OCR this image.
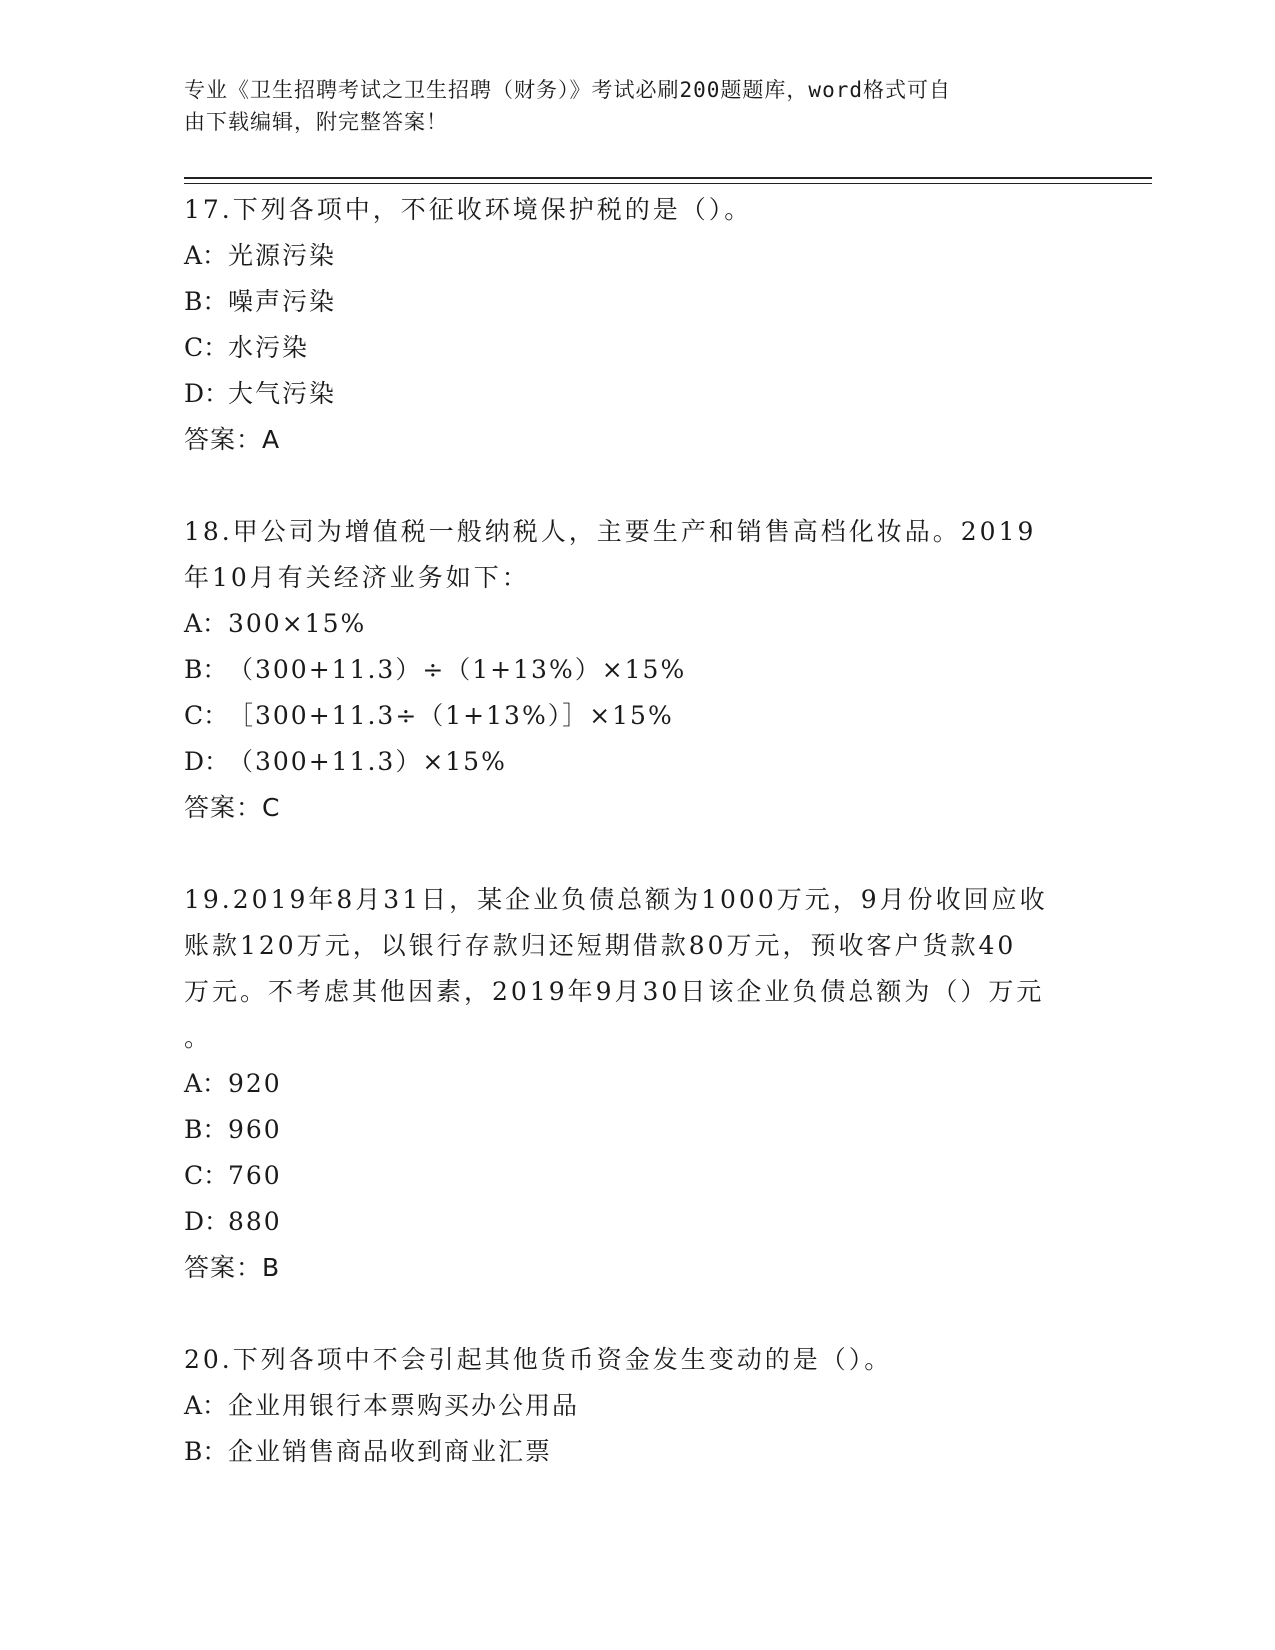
专业《卫生招聘考试之卫生招聘（财务）》考试必刷200题题库，word格式可自
由下载编辑，附完整答案！
17.下列各项中，不征收环境保护税的是（）。
A：光源污染
B：噪声污染
C：水污染
D：大气污染
答案：A
18.甲公司为增值税一般纳税人，主要生产和销售高档化妆品。2019
年10月有关经济业务如下：
A：300×15%
B：（300+11.3）÷（1+13%）×15%
C：［300+11.3÷（1+13%）］×15%
D：（300+11.3）×15%
答案：C
19.2019年8月31日，某企业负债总额为1000万元，9月份收回应收
账款120万元，以银行存款归还短期借款80万元，预收客户货款40
万元。不考虑其他因素，2019年9月30日该企业负债总额为（）万元
。
A：920
B：960
C：760
D：880
答案：B
20.下列各项中不会引起其他货币资金发生变动的是（）。
A：企业用银行本票购买办公用品
B：企业销售商品收到商业汇票
